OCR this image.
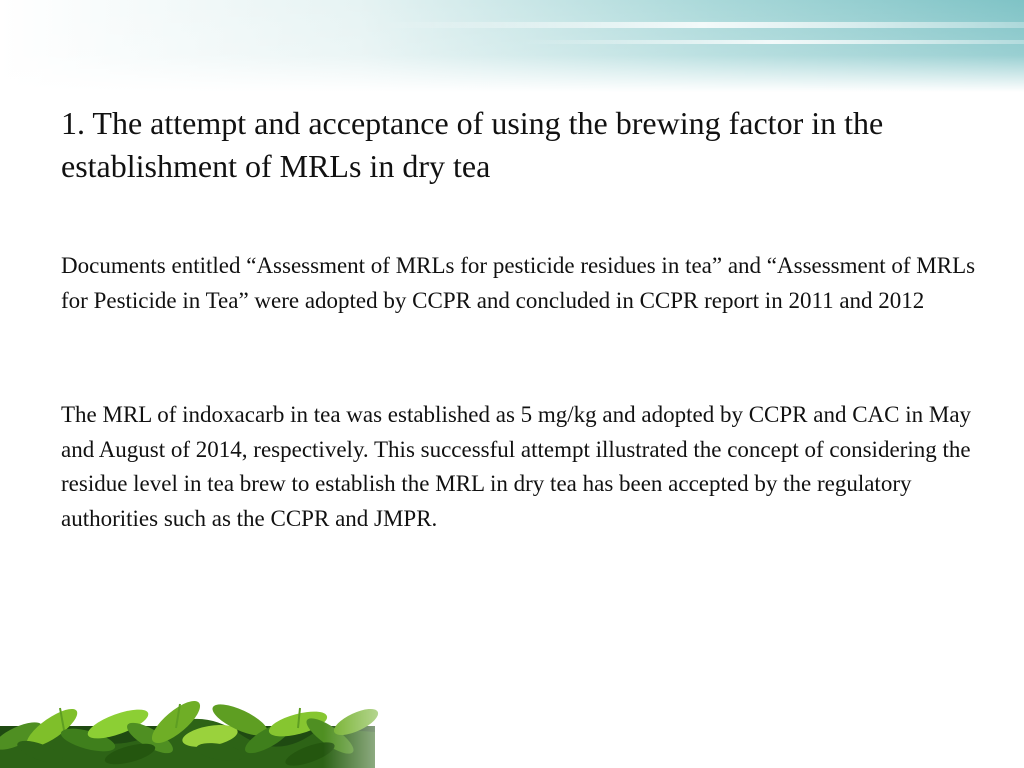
1. The attempt and acceptance of using the brewing factor in the establishment of MRLs in dry tea

Documents entitled “Assessment of MRLs for pesticide residues in tea” and “Assessment of MRLs for Pesticide in Tea” were adopted by CCPR and concluded in CCPR report in 2011 and 2012

The MRL of indoxacarb in tea was established as 5 mg/kg and adopted by CCPR and CAC in May and August of 2014, respectively. This successful attempt illustrated the concept of considering the residue level in tea brew to establish the MRL in dry tea has been accepted by the regulatory authorities such as the CCPR and JMPR.
